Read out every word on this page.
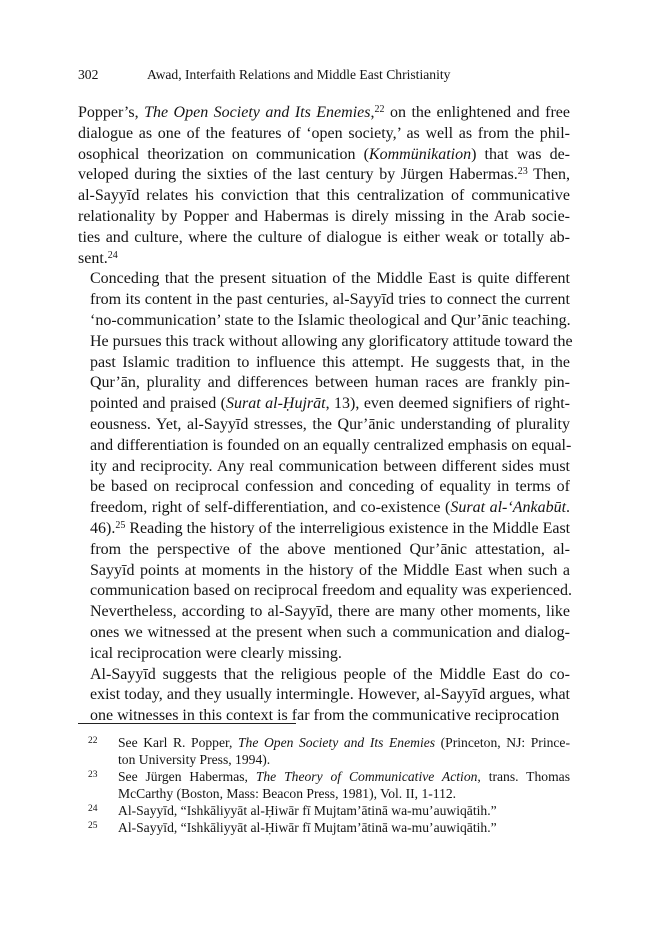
302	Awad, Interfaith Relations and Middle East Christianity
Popper’s, The Open Society and Its Enemies,$^{22}$ on the enlightened and free
dialogue as one of the features of ‘open society,’ as well as from the phil-
osophical theorization on communication (Kommünikation) that was de-
veloped during the sixties of the last century by Jürgen Habermas.$^{23}$ Then,
al-Sayyīd relates his conviction that this centralization of communicative
relationality by Popper and Habermas is direly missing in the Arab socie-
ties and culture, where the culture of dialogue is either weak or totally ab-
sent.$^{24}$
Conceding that the present situation of the Middle East is quite different
from its content in the past centuries, al-Sayyīd tries to connect the current
‘no-communication’ state to the Islamic theological and Qur’ānic teaching.
He pursues this track without allowing any glorificatory attitude toward the
past Islamic tradition to influence this attempt. He suggests that, in the
Qur’ān, plurality and differences between human races are frankly pin-
pointed and praised (Surat al-Ḥujrāt, 13), even deemed signifiers of right-
eousness. Yet, al-Sayyīd stresses, the Qur’ānic understanding of plurality
and differentiation is founded on an equally centralized emphasis on equal-
ity and reciprocity. Any real communication between different sides must
be based on reciprocal confession and conceding of equality in terms of
freedom, right of self-differentiation, and co-existence (Surat al-‘Ankabūt.
46).$^{25}$ Reading the history of the interreligious existence in the Middle East
from the perspective of the above mentioned Qur’ānic attestation, al-
Sayyīd points at moments in the history of the Middle East when such a
communication based on reciprocal freedom and equality was experienced.
Nevertheless, according to al-Sayyīd, there are many other moments, like
ones we witnessed at the present when such a communication and dialog-
ical reciprocation were clearly missing.
Al-Sayyīd suggests that the religious people of the Middle East do co-
exist today, and they usually intermingle. However, al-Sayyīd argues, what
one witnesses in this context is far from the communicative reciprocation
22 See Karl R. Popper, The Open Society and Its Enemies (Princeton, NJ: Prince-
ton University Press, 1994).
23 See Jürgen Habermas, The Theory of Communicative Action, trans. Thomas
McCarthy (Boston, Mass: Beacon Press, 1981), Vol. II, 1-112.
24 Al-Sayyīd, “Ishkāliyyāt al-Ḥiwār fī Mujtam’ātinā wa-mu’auwiqātih.”
25 Al-Sayyīd, “Ishkāliyyāt al-Ḥiwār fī Mujtam’ātinā wa-mu’auwiqātih.”
